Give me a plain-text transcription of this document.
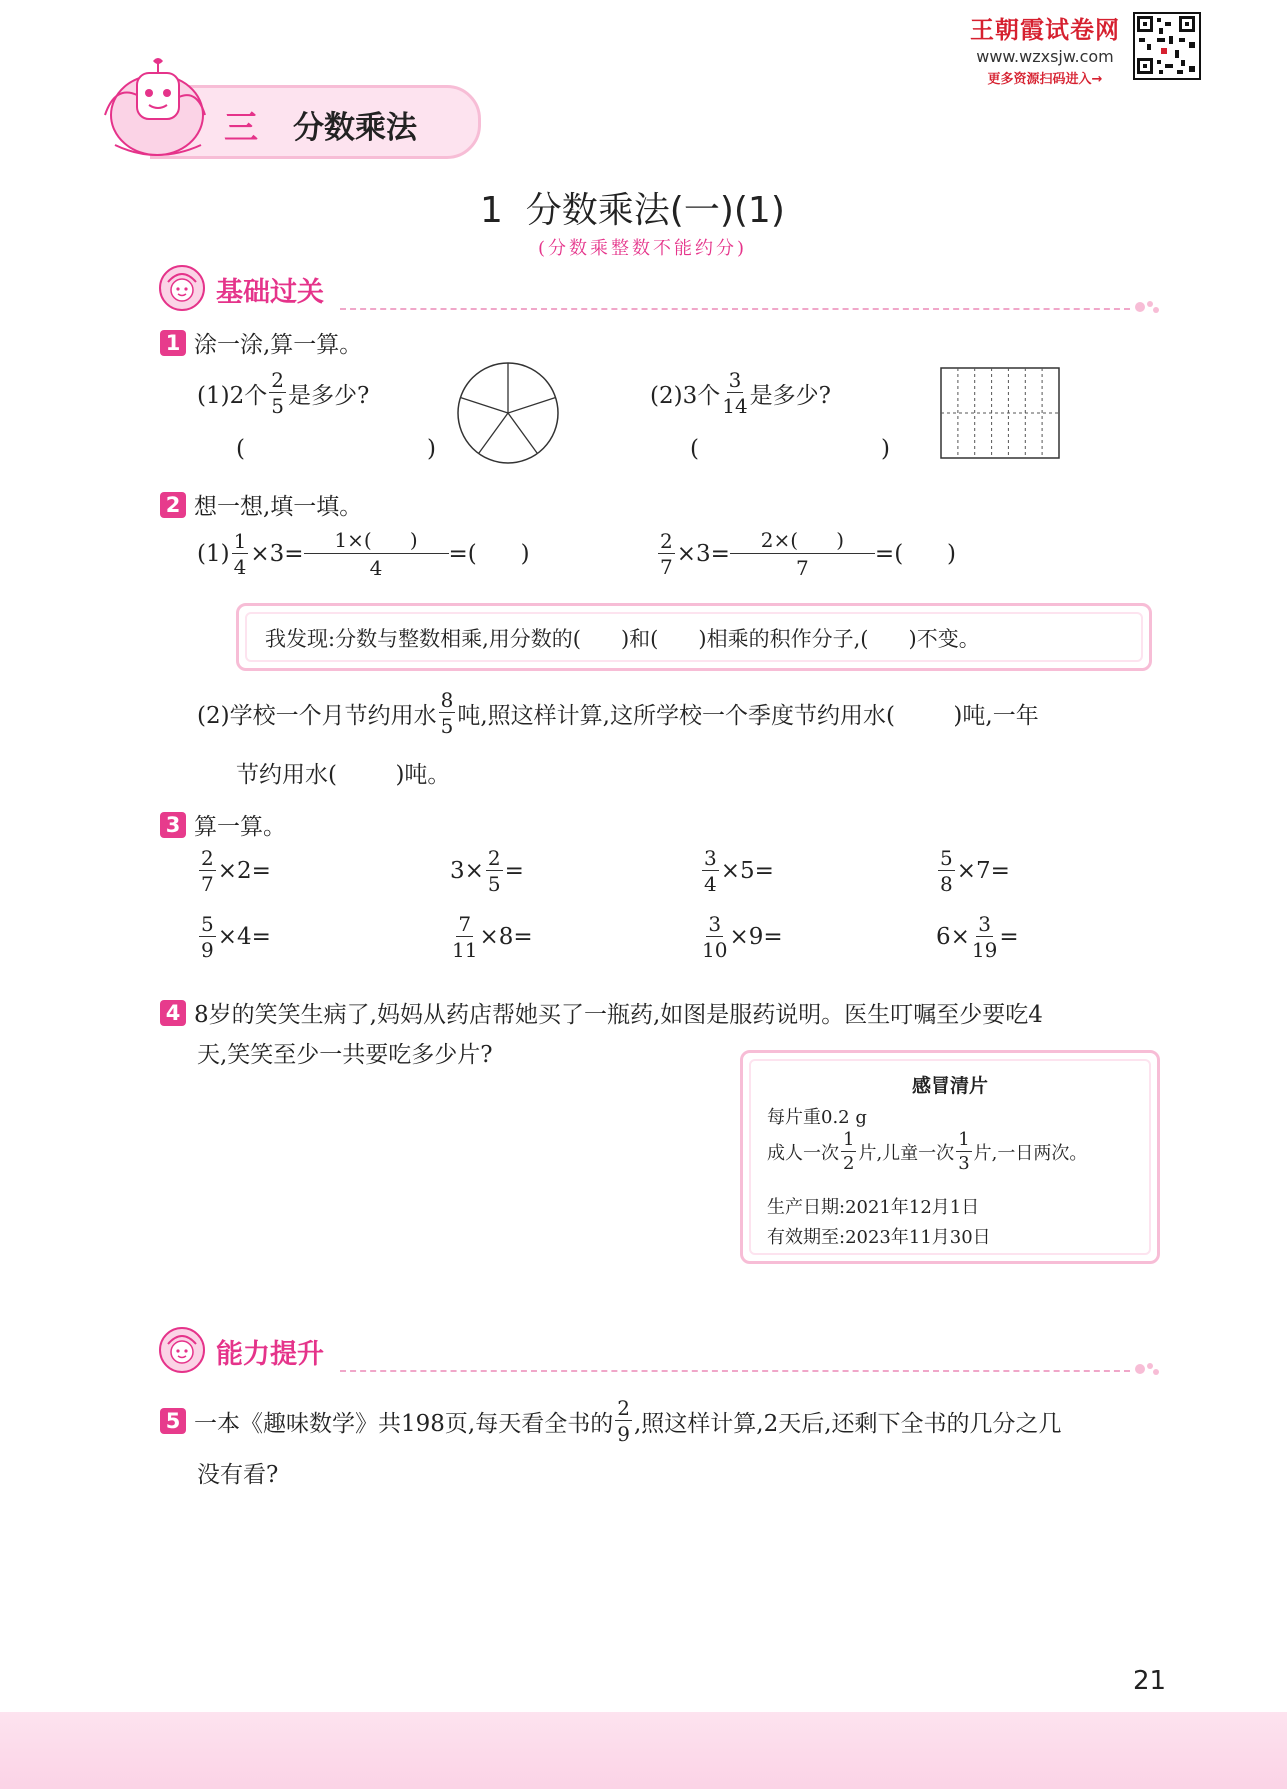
王朝霞试卷网
www.wzxsjw.com
更多资源扫码进入→
三 分数乘法
1  分数乘法(一)(1)
(分数乘整数不能约分)
基础过关
1 涂一涂,算一算。
(1)2个 $\frac{2}{5}$ 是多少?
(	)
(2)3个 $\frac{3}{14}$ 是多少?
(	)
2 想一想,填一填。
$(1) \frac{1}{4} \times 3= \frac{1\times( )}{4}$ =(      )	$\frac{2}{7} \times 3= \frac{2\times( )}{7}$ =(      )
我发现:分数与整数相乘,用分数的(      )和(      )相乘的积作分子,(      )不变。
(2)学校一个月节约用水 $\frac{8}{5}$ 吨,照这样计算,这所学校一个季度节约用水(        )吨,一年
节约用水(        )吨。
3 算一算。
$\frac{2}{7} \times 2=$	$3\times \frac{2}{5}$ =	$\frac{3}{4} \times 5=$	$\frac{5}{8} \times 7=$
$\frac{5}{9} \times 4=$	$\frac{7}{11} \times 8=$	$\frac{3}{10} \times 9=$	$6\times \frac{3}{19}$ =
4 8岁的笑笑生病了,妈妈从药店帮她买了一瓶药,如图是服药说明。医生叮嘱至少要吃4
天,笑笑至少一共要吃多少片?
感冒清片
每片重0.2 g
成人一次 $\frac{1}{2}$ 片,儿童一次 $\frac{1}{3}$ 片,一日两次。
生产日期:2021年12月1日
有效期至:2023年11月30日
能力提升
5 一本《趣味数学》共198页,每天看全书的 $\frac{2}{9}$ ,照这样计算,2天后,还剩下全书的几分之几
没有看?
21
